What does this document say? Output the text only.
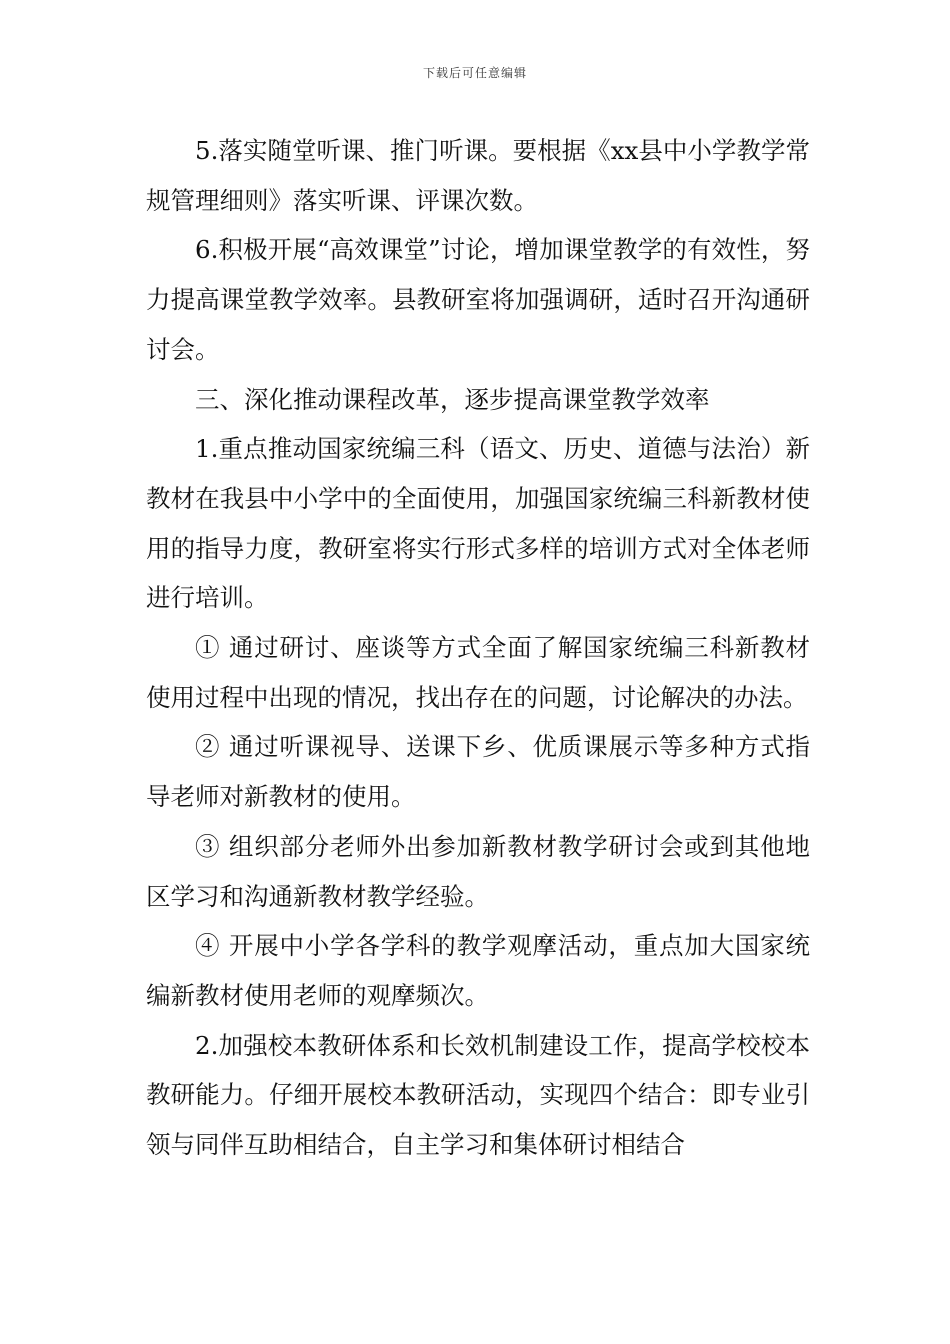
下载后可任意编辑

5.落实随堂听课、推门听课。要根据《xx县中小学教学常规管理细则》落实听课、评课次数。

6.积极开展“高效课堂”讨论，增加课堂教学的有效性，努力提高课堂教学效率。县教研室将加强调研，适时召开沟通研讨会。

三、深化推动课程改革，逐步提高课堂教学效率

1.重点推动国家统编三科（语文、历史、道德与法治）新教材在我县中小学中的全面使用，加强国家统编三科新教材使用的指导力度，教研室将实行形式多样的培训方式对全体老师进行培训。

① 通过研讨、座谈等方式全面了解国家统编三科新教材使用过程中出现的情况，找出存在的问题，讨论解决的办法。

② 通过听课视导、送课下乡、优质课展示等多种方式指导老师对新教材的使用。

③ 组织部分老师外出参加新教材教学研讨会或到其他地区学习和沟通新教材教学经验。

④ 开展中小学各学科的教学观摩活动，重点加大国家统编新教材使用老师的观摩频次。

2.加强校本教研体系和长效机制建设工作，提高学校校本教研能力。仔细开展校本教研活动，实现四个结合：即专业引领与同伴互助相结合，自主学习和集体研讨相结合
